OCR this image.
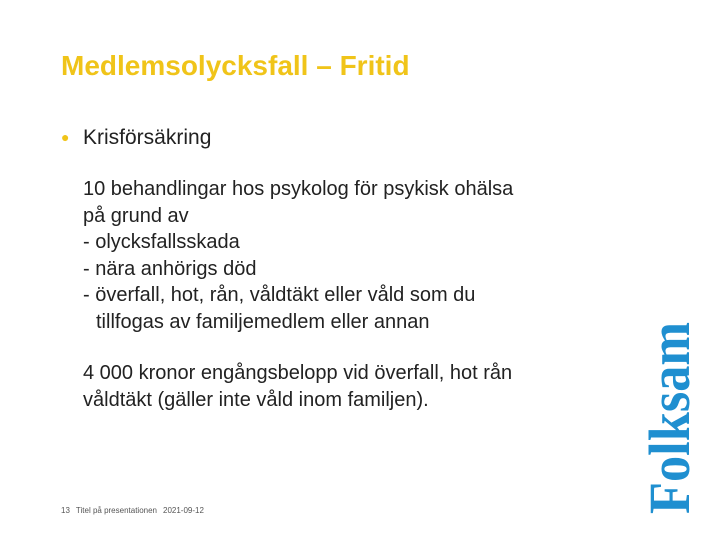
Medlemsolycksfall – Fritid
● Krisförsäkring
10 behandlingar hos psykolog för psykisk ohälsa
på grund av
- olycksfallsskada
- nära anhörigs död
- överfall, hot, rån, våldtäkt eller våld som du
tillfogas av familjemedlem eller annan
4 000 kronor engångsbelopp vid överfall, hot rån
våldtäkt (gäller inte våld inom familjen).
13 Titel på presentationen 2021-09-12	Folksam
